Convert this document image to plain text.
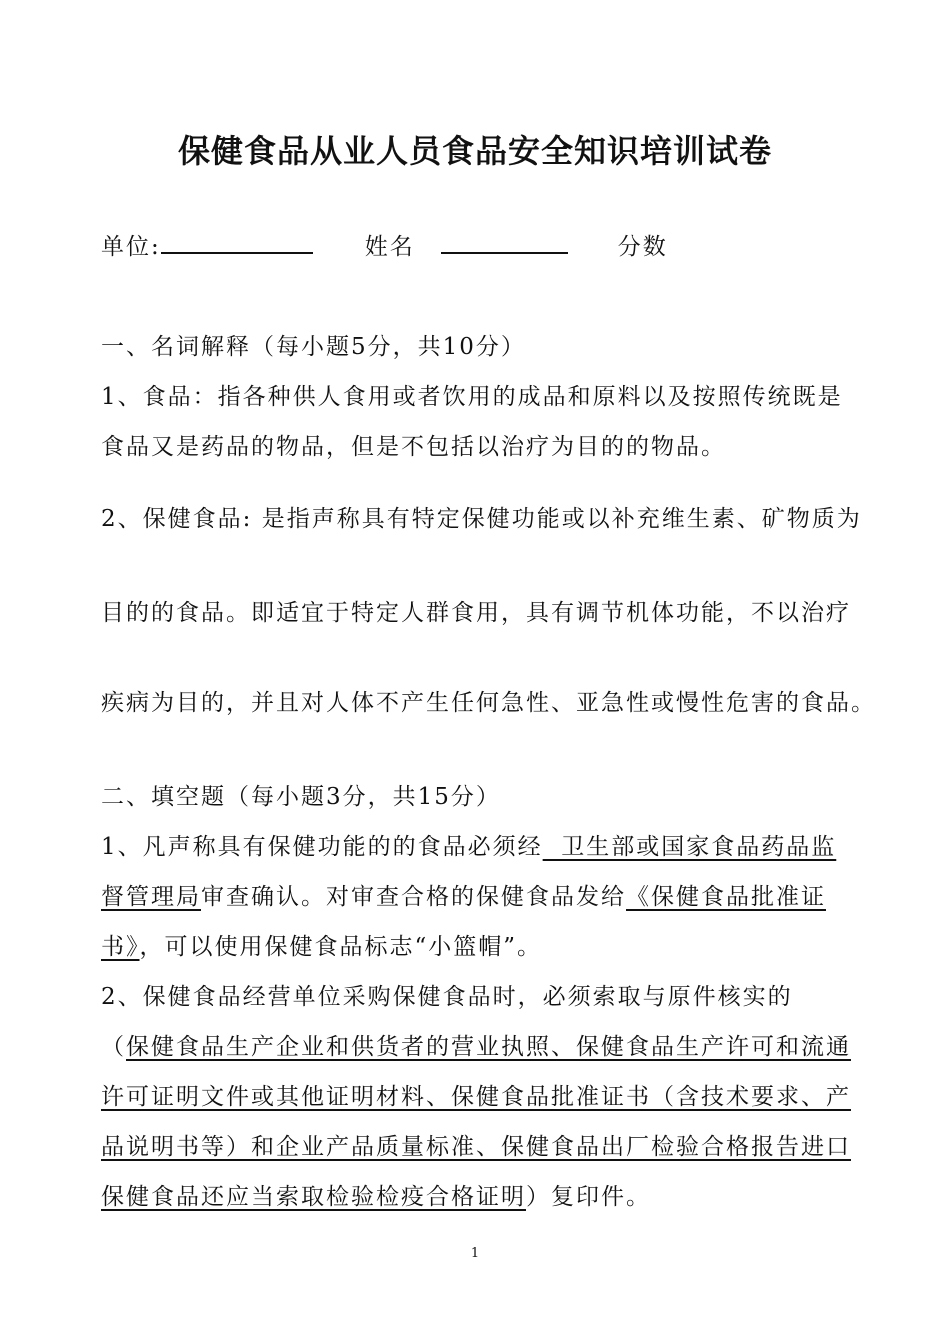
保健食品从业人员食品安全知识培训试卷
单位:	姓名	分数
一、名词解释（每小题5分，共10分）
1、食品：指各种供人食用或者饮用的成品和原料以及按照传统既是
食品又是药品的物品，但是不包括以治疗为目的的物品。
2、保健食品: 是指声称具有特定保健功能或以补充维生素、矿物质为
目的的食品。即适宜于特定人群食用，具有调节机体功能，不以治疗
疾病为目的，并且对人体不产生任何急性、亚急性或慢性危害的食品。
二、填空题（每小题3分，共15分）
1、凡声称具有保健功能的的食品必须经  卫生部或国家食品药品监
督管理局审查确认。对审查合格的保健食品发给《保健食品批准证
书》，可以使用保健食品标志“小篮帽”。
2、保健食品经营单位采购保健食品时，必须索取与原件核实的
（保健食品生产企业和供货者的营业执照、保健食品生产许可和流通
许可证明文件或其他证明材料、保健食品批准证书（含技术要求、产
品说明书等）和企业产品质量标准、保健食品出厂检验合格报告进口
保健食品还应当索取检验检疫合格证明）复印件。
1
